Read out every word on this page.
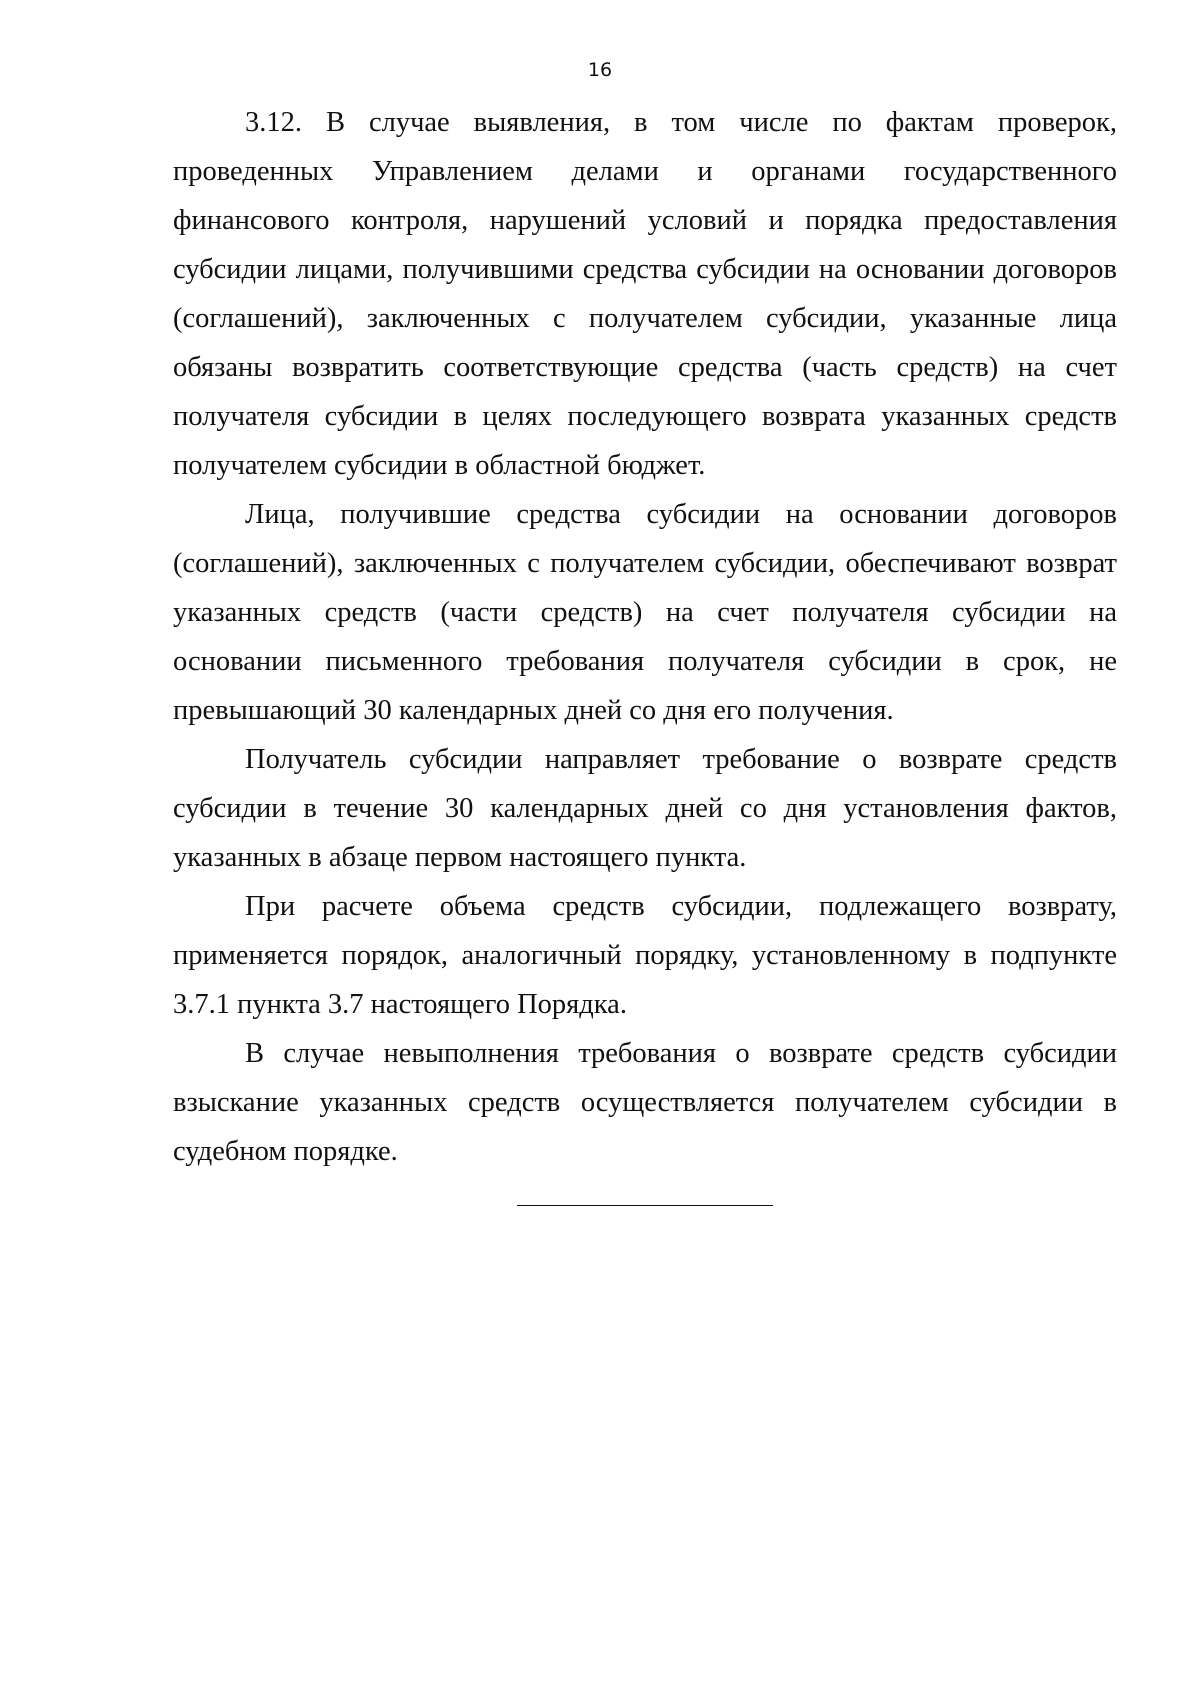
16

3.12. В случае выявления, в том числе по фактам проверок, проведенных Управлением делами и органами государственного финансового контроля, нарушений условий и порядка предоставления субсидии лицами, получившими средства субсидии на основании договоров (соглашений), заключенных с получателем субсидии, указанные лица обязаны возвратить соответствующие средства (часть средств) на счет получателя субсидии в целях последующего возврата указанных средств получателем субсидии в областной бюджет.

Лица, получившие средства субсидии на основании договоров (соглашений), заключенных с получателем субсидии, обеспечивают возврат указанных средств (части средств) на счет получателя субсидии на основании письменного требования получателя субсидии в срок, не превышающий 30 календарных дней со дня его получения.

Получатель субсидии направляет требование о возврате средств субсидии в течение 30 календарных дней со дня установления фактов, указанных в абзаце первом настоящего пункта.

При расчете объема средств субсидии, подлежащего возврату, применяется порядок, аналогичный порядку, установленному в подпункте 3.7.1 пункта 3.7 настоящего Порядка.

В случае невыполнения требования о возврате средств субсидии взыскание указанных средств осуществляется получателем субсидии в судебном порядке.
